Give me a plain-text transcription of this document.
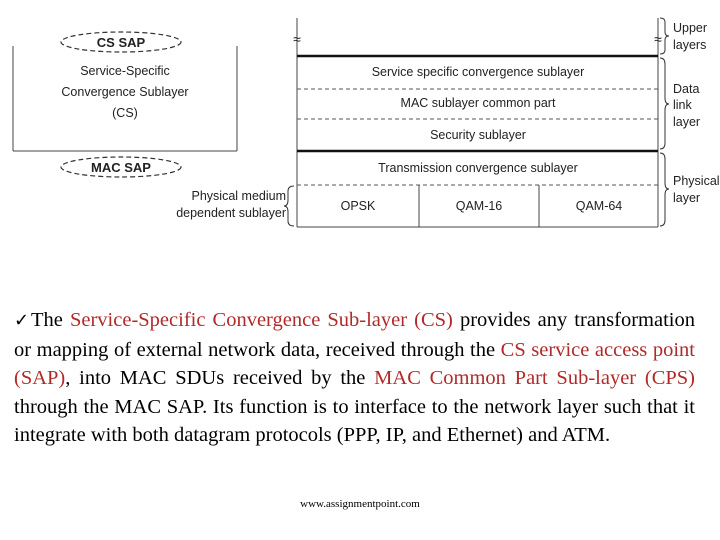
CS SAP
Service-Specific
Convergence Sublayer
(CS)
MAC SAP
Physical medium
dependent sublayer
≈	≈
Service specific convergence sublayer
MAC sublayer common part
Security sublayer
Transmission convergence sublayer
OPSK	QAM-16	QAM-64
Upper
layers
Data
link
layer
Physical
layer

✓The Service-Specific Convergence Sub-layer (CS) provides any transformation or mapping of external network data, received through the CS service access point (SAP), into MAC SDUs received by the MAC Common Part Sub-layer (CPS) through the MAC SAP. Its function is to interface to the network layer such that it integrate with both datagram protocols (PPP, IP, and Ethernet) and ATM.

www.assignmentpoint.com
